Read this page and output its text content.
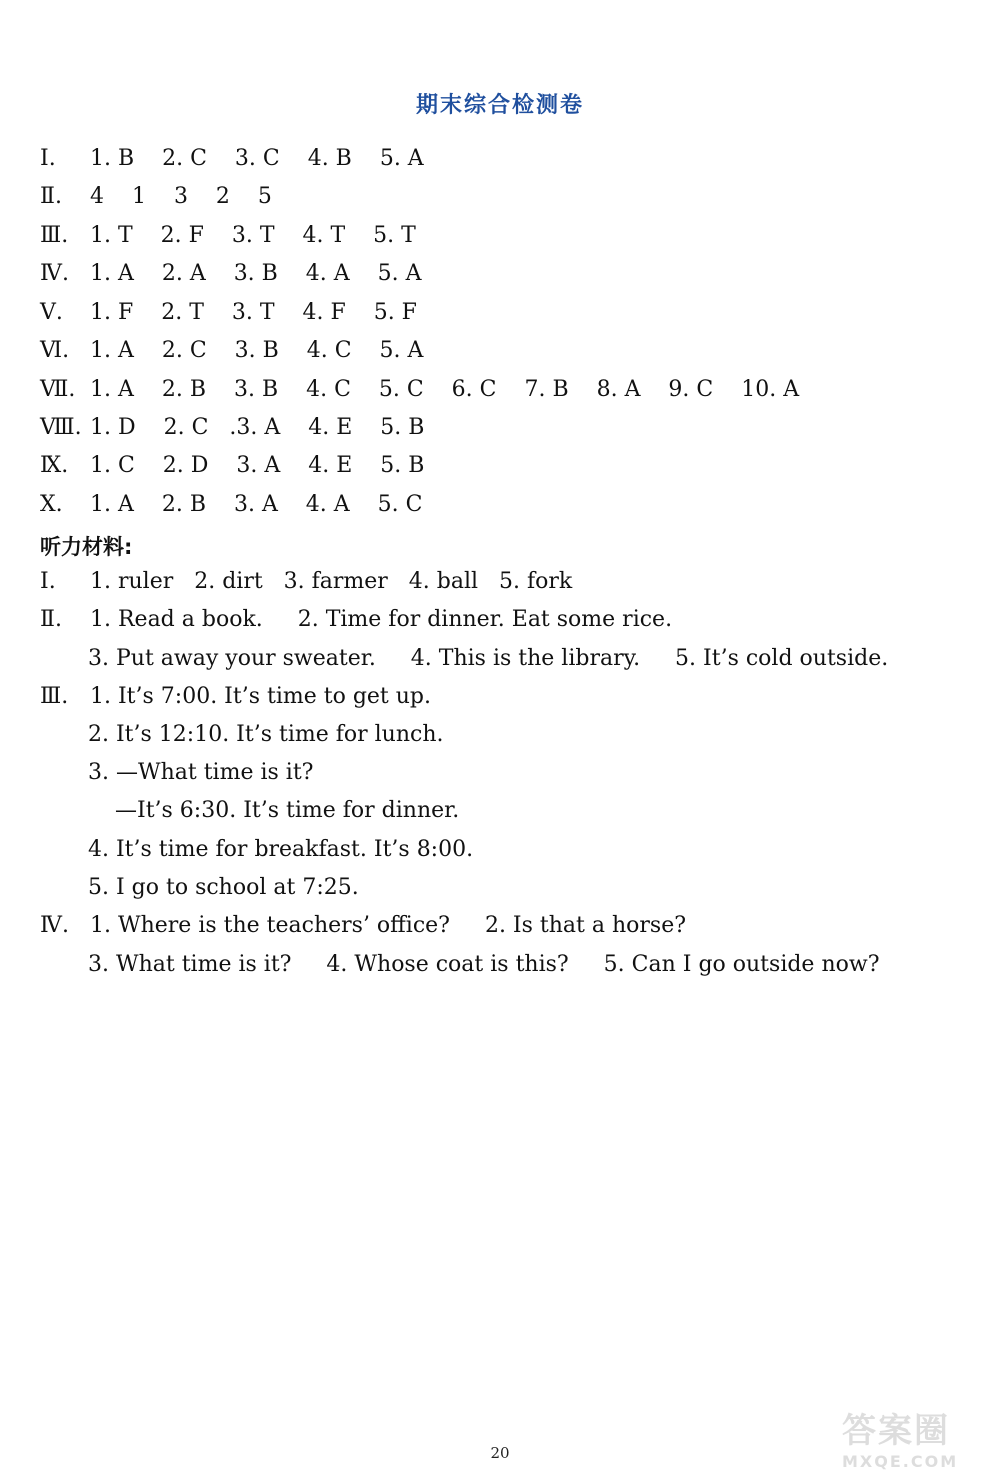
期末综合检测卷
Ⅰ. 1. B    2. C    3. C    4. B    5. A
Ⅱ. 4    1    3    2    5
Ⅲ. 1. T    2. F    3. T    4. T    5. T
Ⅳ. 1. A    2. A    3. B    4. A    5. A
Ⅴ. 1. F    2. T    3. T    4. F    5. F
Ⅵ. 1. A    2. C    3. B    4. C    5. A
Ⅶ. 1. A    2. B    3. B    4. C    5. C    6. C    7. B    8. A    9. C    10. A
Ⅷ. 1. D    2. C   .3. A    4. E    5. B
Ⅸ. 1. C    2. D    3. A    4. E    5. B
Ⅹ. 1. A    2. B    3. A    4. A    5. C
听力材料:
Ⅰ. 1. ruler   2. dirt   3. farmer   4. ball   5. fork
Ⅱ. 1. Read a book.     2. Time for dinner. Eat some rice.
3. Put away your sweater.     4. This is the library.     5. It’s cold outside.
Ⅲ. 1. It’s 7:00. It’s time to get up.
2. It’s 12:10. It’s time for lunch.
3. —What time is it?
—It’s 6:30. It’s time for dinner.
4. It’s time for breakfast. It’s 8:00.
5. I go to school at 7:25.
Ⅳ. 1. Where is the teachers’ office?     2. Is that a horse?
3. What time is it?     4. Whose coat is this?     5. Can I go outside now?
20
答案圈
MXQE.COM
